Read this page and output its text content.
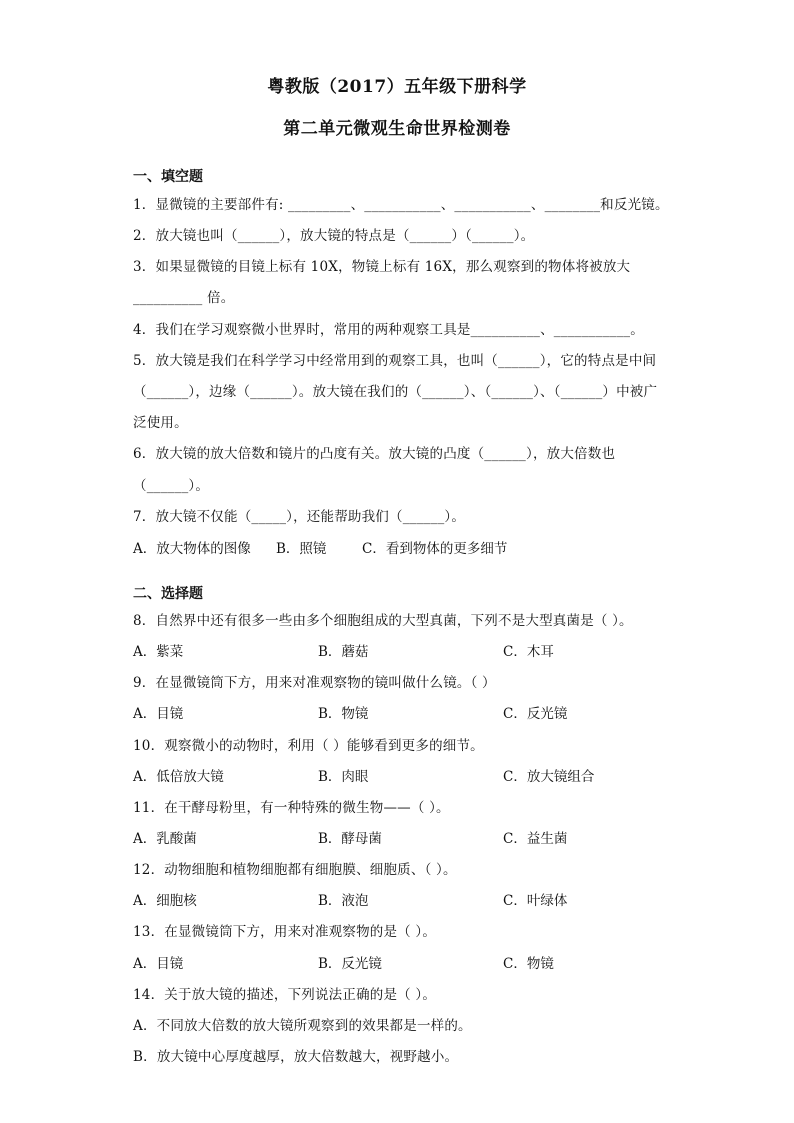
粤教版（2017）五年级下册科学
第二单元微观生命世界检测卷
一、填空题
1．显微镜的主要部件有: _________、___________、___________、________和反光镜。
2．放大镜也叫（______），放大镜的特点是（______）（______）。
3．如果显微镜的目镜上标有 10X，物镜上标有 16X，那么观察到的物体将被放大
__________ 倍。
4．我们在学习观察微小世界时，常用的两种观察工具是__________、___________。
5．放大镜是我们在科学学习中经常用到的观察工具，也叫（______），它的特点是中间
（______），边缘（______）。放大镜在我们的（______）、（______）、（______）中被广
泛使用。
6．放大镜的放大倍数和镜片的凸度有关。放大镜的凸度（______），放大倍数也
（______）。
7．放大镜不仅能（_____），还能帮助我们（______）。
A．放大物体的图像 B．照镜	C．看到物体的更多细节
二、选择题
8．自然界中还有很多一些由多个细胞组成的大型真菌，下列不是大型真菌是（ ）。
A．紫菜	B．蘑菇	C．木耳
9．在显微镜筒下方，用来对准观察物的镜叫做什么镜。（ ）
A．目镜	B．物镜	C．反光镜
10．观察微小的动物时，利用（ ）能够看到更多的细节。
A．低倍放大镜	B．肉眼	C．放大镜组合
11．在干酵母粉里，有一种特殊的微生物——（ ）。
A．乳酸菌	B．酵母菌	C．益生菌
12．动物细胞和植物细胞都有细胞膜、细胞质、（ ）。
A．细胞核	B．液泡	C．叶绿体
13．在显微镜筒下方，用来对准观察物的是（ ）。
A．目镜	B．反光镜	C．物镜
14．关于放大镜的描述，下列说法正确的是（ ）。
A．不同放大倍数的放大镜所观察到的效果都是一样的。
B．放大镜中心厚度越厚，放大倍数越大，视野越小。
